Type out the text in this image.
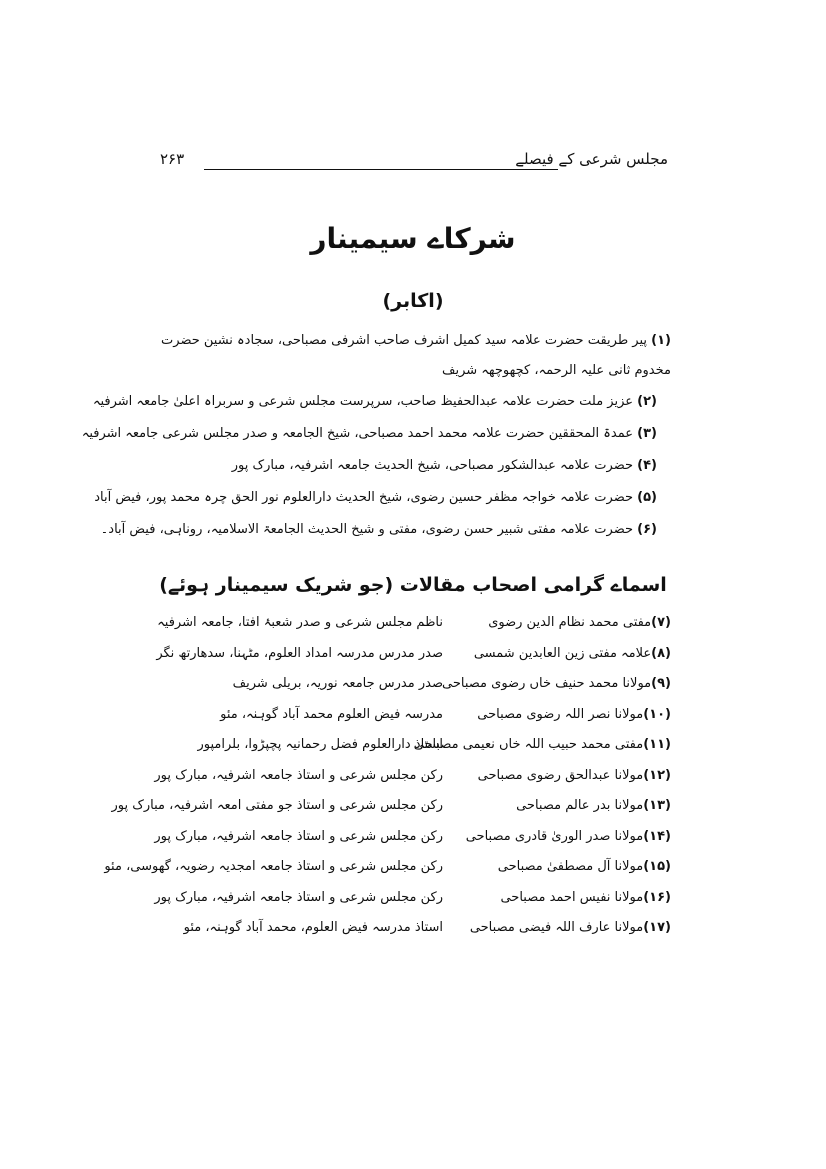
مجلس شرعی کے فیصلے
۲۶۳
شرکاے سیمینار
(اکابر)
(۱) پیر طریقت حضرت علامہ سید کمیل اشرف صاحب اشرفی مصباحی، سجادہ نشین حضرت مخدوم ثانی علیہ الرحمہ، کچھوچھہ شریف
(۲) عزیز ملت حضرت علامہ عبدالحفیظ صاحب، سرپرست مجلس شرعی و سربراہ اعلیٰ جامعہ اشرفیہ
(۳) عمدۃ المحققین حضرت علامہ محمد احمد مصباحی، شیخ الجامعہ و صدر مجلس شرعی جامعہ اشرفیہ
(۴) حضرت علامہ عبدالشکور مصباحی، شیخ الحدیث جامعہ اشرفیہ، مبارک پور
(۵) حضرت علامہ خواجہ مظفر حسین رضوی، شیخ الحدیث دارالعلوم نور الحق چرہ محمد پور، فیض آباد
(۶) حضرت علامہ مفتی شبیر حسن رضوی، مفتی و شیخ الحدیث الجامعۃ الاسلامیہ، روناہی، فیض آباد۔
اسماے گرامی اصحاب مقالات (جو شریک سیمینار ہوئے)
(۷)مفتی محمد نظام الدین رضوی
ناظم مجلس شرعی و صدر شعبۂ افتا، جامعہ اشرفیہ
(۸)علامہ مفتی زین العابدین شمسی
صدر مدرس مدرسہ امداد العلوم، مٹہنا، سدھارتھ نگر
(۹)مولانا محمد حنیف خاں رضوی مصباحی
صدر مدرس جامعہ نوریہ، بریلی شریف
(۱۰)مولانا نصر اللہ رضوی مصباحی
مدرسہ فیض العلوم محمد آباد گوہنہ، مئو
(۱۱)مفتی محمد حبیب اللہ خاں نعیمی مصباحی
استاذ دارالعلوم فضل رحمانیہ پچپڑوا، بلرامپور
(۱۲)مولانا عبدالحق رضوی مصباحی
رکن مجلس شرعی و استاذ جامعہ اشرفیہ، مبارک پور
(۱۳)مولانا بدر عالم مصباحی
رکن مجلس شرعی و استاذ جو مفتی امعہ اشرفیہ، مبارک پور
(۱۴)مولانا صدر الوریٰ قادری مصباحی
رکن مجلس شرعی و استاذ جامعہ اشرفیہ، مبارک پور
(۱۵)مولانا آل مصطفیٰ مصباحی
رکن مجلس شرعی و استاذ جامعہ امجدیہ رضویہ، گھوسی، مئو
(۱۶)مولانا نفیس احمد مصباحی
رکن مجلس شرعی و استاذ جامعہ اشرفیہ، مبارک پور
(۱۷)مولانا عارف اللہ فیضی مصباحی
استاذ مدرسہ فیض العلوم، محمد آباد گوہنہ، مئو
